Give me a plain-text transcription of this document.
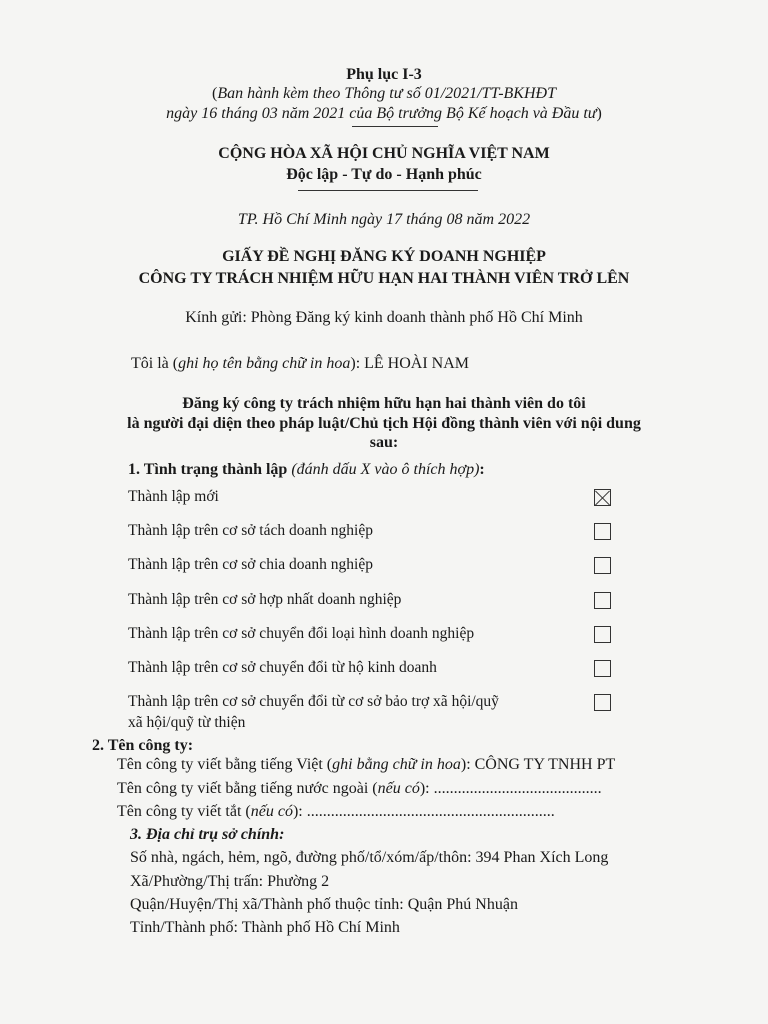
Phụ lục I-3
(Ban hành kèm theo Thông tư số 01/2021/TT-BKHĐT
ngày 16 tháng 03 năm 2021 của Bộ trưởng Bộ Kế hoạch và Đầu tư)
CỘNG HÒA XÃ HỘI CHỦ NGHĨA VIỆT NAM
Độc lập - Tự do - Hạnh phúc
TP. Hồ Chí Minh ngày 17 tháng 08 năm 2022
GIẤY ĐỀ NGHỊ ĐĂNG KÝ DOANH NGHIỆP
CÔNG TY TRÁCH NHIỆM HỮU HẠN HAI THÀNH VIÊN TRỞ LÊN
Kính gửi: Phòng Đăng ký kinh doanh thành phố Hồ Chí Minh
Tôi là (ghi họ tên bằng chữ in hoa): LÊ HOÀI NAM
Đăng ký công ty trách nhiệm hữu hạn hai thành viên do tôi
là người đại diện theo pháp luật/Chủ tịch Hội đồng thành viên với nội dung
sau:
1. Tình trạng thành lập (đánh dấu X vào ô thích hợp):
Thành lập mới
Thành lập trên cơ sở tách doanh nghiệp
Thành lập trên cơ sở chia doanh nghiệp
Thành lập trên cơ sở hợp nhất doanh nghiệp
Thành lập trên cơ sở chuyển đổi loại hình doanh nghiệp
Thành lập trên cơ sở chuyển đổi từ hộ kinh doanh
Thành lập trên cơ sở chuyển đổi từ cơ sở bảo trợ xã hội/quỹ
xã hội/quỹ từ thiện
2. Tên công ty:
Tên công ty viết bằng tiếng Việt (ghi bằng chữ in hoa): CÔNG TY TNHH PT
Tên công ty viết bằng tiếng nước ngoài (nếu có): ..........................................
Tên công ty viết tắt (nếu có): ..............................................................
3. Địa chỉ trụ sở chính:
Số nhà, ngách, hẻm, ngõ, đường phố/tổ/xóm/ấp/thôn: 394 Phan Xích Long
Xã/Phường/Thị trấn: Phường 2
Quận/Huyện/Thị xã/Thành phố thuộc tỉnh: Quận Phú Nhuận
Tỉnh/Thành phố: Thành phố Hồ Chí Minh
